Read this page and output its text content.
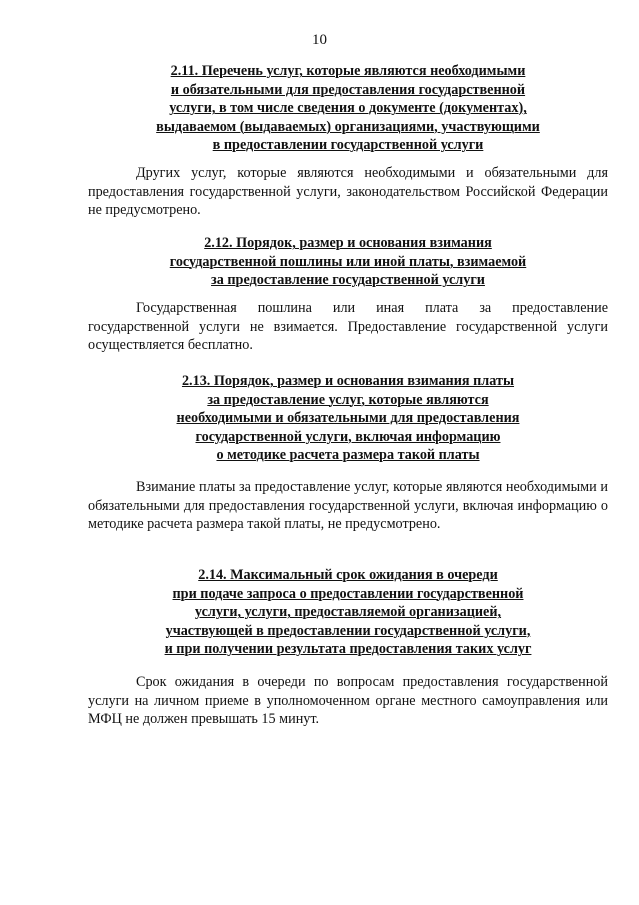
10

2.11. Перечень услуг, которые являются необходимыми
и обязательными для предоставления государственной
услуги, в том числе сведения о документе (документах),
выдаваемом (выдаваемых) организациями, участвующими
в предоставлении государственной услуги

Других услуг, которые являются необходимыми и обязательными для предоставления государственной услуги, законодательством Российской Федерации не предусмотрено.

2.12. Порядок, размер и основания взимания
государственной пошлины или иной платы, взимаемой
за предоставление государственной услуги

Государственная пошлина или иная плата за предоставление государственной услуги не взимается. Предоставление государственной услуги осуществляется бесплатно.

2.13. Порядок, размер и основания взимания платы
за предоставление услуг, которые являются
необходимыми и обязательными для предоставления
государственной услуги, включая информацию
о методике расчета размера такой платы

Взимание платы за предоставление услуг, которые являются необходимыми и обязательными для предоставления государственной услуги, включая информацию о методике расчета размера такой платы, не предусмотрено.

2.14. Максимальный срок ожидания в очереди
при подаче запроса о предоставлении государственной
услуги, услуги, предоставляемой организацией,
участвующей в предоставлении государственной услуги,
и при получении результата предоставления таких услуг

Срок ожидания в очереди по вопросам предоставления государственной услуги на личном приеме в уполномоченном органе местного самоуправления или МФЦ не должен превышать 15 минут.
